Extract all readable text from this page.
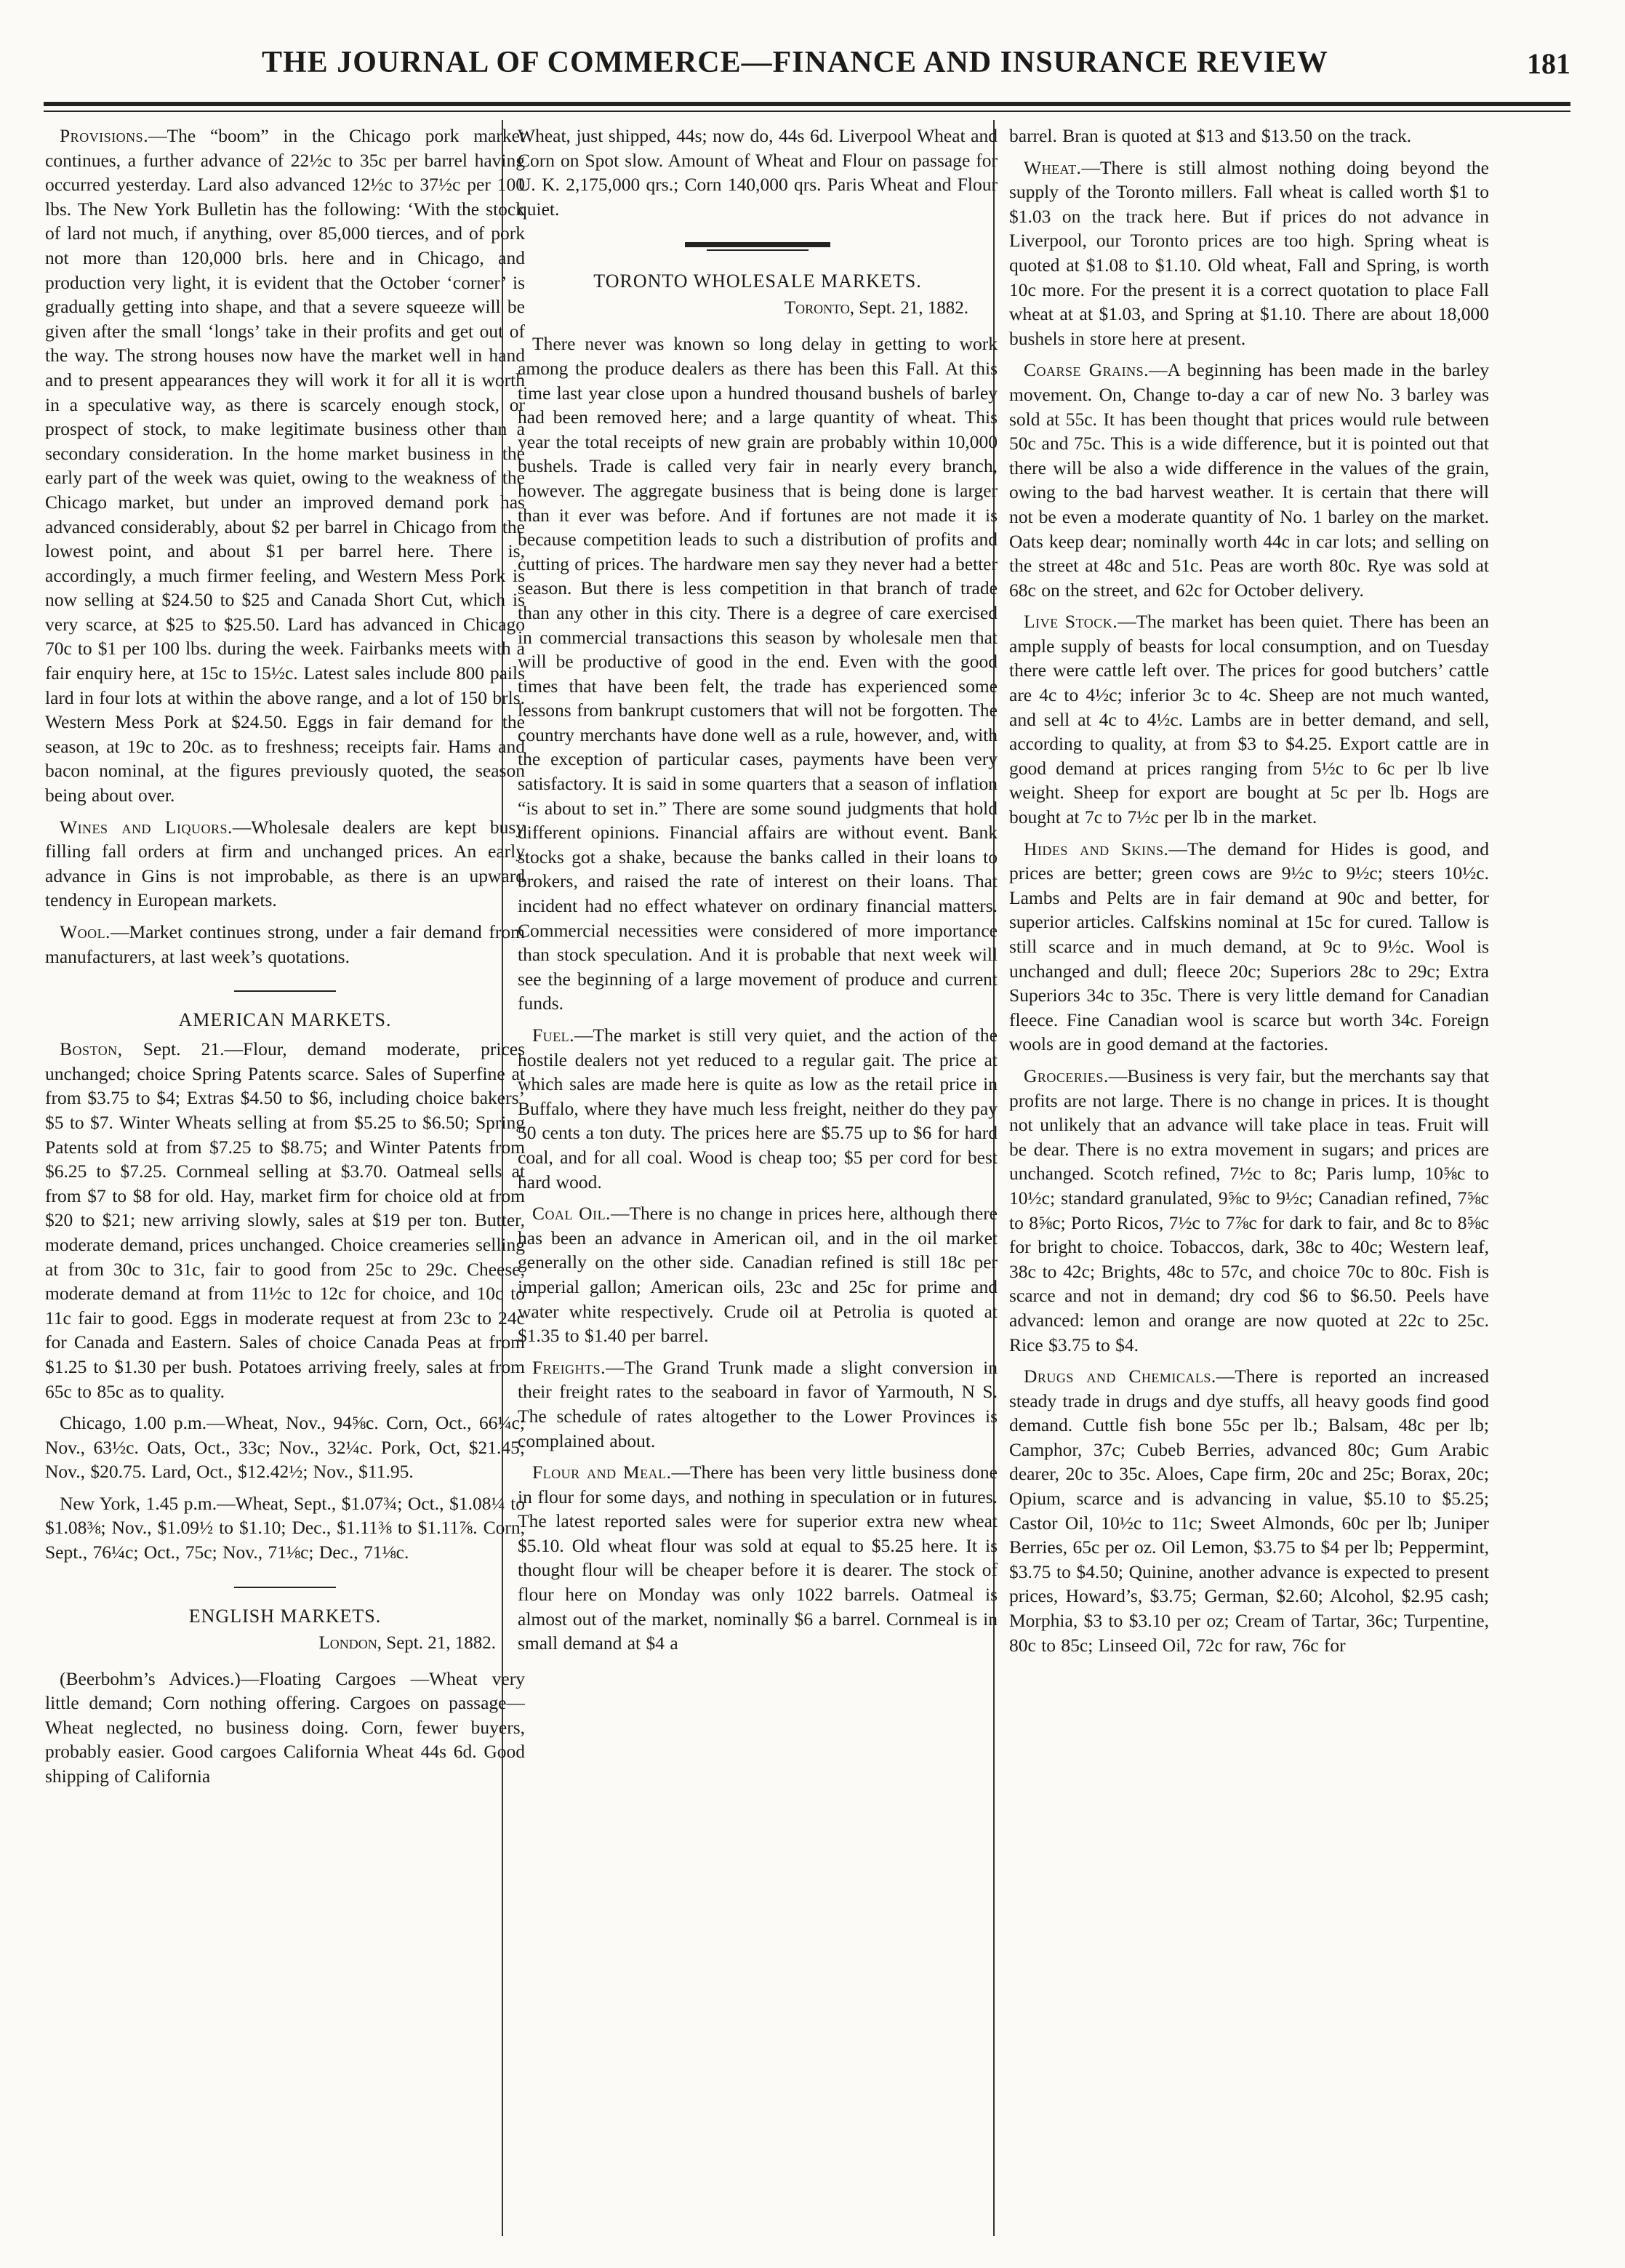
THE JOURNAL OF COMMERCE—FINANCE AND INSURANCE REVIEW	181

Provisions.—The “boom” in the Chicago pork market continues, a further advance of 22½c to 35c per barrel having occurred yesterday. Lard also advanced 12½c to 37½c per 100 lbs. The New York Bulletin has the following: ‘With the stock of lard not much, if anything, over 85,000 tierces, and of pork not more than 120,000 brls. here and in Chicago, and production very light, it is evident that the October ‘corner’ is gradually getting into shape, and that a severe squeeze will be given after the small ‘longs’ take in their profits and get out of the way. The strong houses now have the market well in hand and to present appearances they will work it for all it is worth in a speculative way, as there is scarcely enough stock, or prospect of stock, to make legitimate business other than a secondary consideration. In the home market business in the early part of the week was quiet, owing to the weakness of the Chicago market, but under an improved demand pork has advanced considerably, about $2 per barrel in Chicago from the lowest point, and about $1 per barrel here. There is, accordingly, a much firmer feeling, and Western Mess Pork is now selling at $24.50 to $25 and Canada Short Cut, which is very scarce, at $25 to $25.50. Lard has advanced in Chicago 70c to $1 per 100 lbs. during the week. Fairbanks meets with a fair enquiry here, at 15c to 15½c. Latest sales include 800 pails lard in four lots at within the above range, and a lot of 150 brls. Western Mess Pork at $24.50. Eggs in fair demand for the season, at 19c to 20c. as to freshness; receipts fair. Hams and bacon nominal, at the figures previously quoted, the season being about over.

Wines and Liquors.—Wholesale dealers are kept busy filling fall orders at firm and unchanged prices. An early advance in Gins is not improbable, as there is an upward tendency in European markets.

Wool.—Market continues strong, under a fair demand from manufacturers, at last week’s quotations.

AMERICAN MARKETS.

Boston, Sept. 21.—Flour, demand moderate, prices unchanged; choice Spring Patents scarce. Sales of Superfine at from $3.75 to $4; Extras $4.50 to $6, including choice bakers’ $5 to $7. Winter Wheats selling at from $5.25 to $6.50; Spring Patents sold at from $7.25 to $8.75; and Winter Patents from $6.25 to $7.25. Cornmeal selling at $3.70. Oatmeal sells at from $7 to $8 for old. Hay, market firm for choice old at from $20 to $21; new arriving slowly, sales at $19 per ton. Butter, moderate demand, prices unchanged. Choice creameries selling at from 30c to 31c, fair to good from 25c to 29c. Cheese, moderate demand at from 11½c to 12c for choice, and 10c to 11c fair to good. Eggs in moderate request at from 23c to 24c for Canada and Eastern. Sales of choice Canada Peas at from $1.25 to $1.30 per bush. Potatoes arriving freely, sales at from 65c to 85c as to quality.

Chicago, 1.00 p.m.—Wheat, Nov., 94⅝c. Corn, Oct., 66¼c; Nov., 63½c. Oats, Oct., 33c; Nov., 32¼c. Pork, Oct, $21.45; Nov., $20.75. Lard, Oct., $12.42½; Nov., $11.95.

New York, 1.45 p.m.—Wheat, Sept., $1.07¾; Oct., $1.08¼ to $1.08⅜; Nov., $1.09½ to $1.10; Dec., $1.11⅜ to $1.11⅞. Corn, Sept., 76¼c; Oct., 75c; Nov., 71⅛c; Dec., 71⅛c.

ENGLISH MARKETS.
London, Sept. 21, 1882.

(Beerbohm’s Advices.)—Floating Cargoes —Wheat very little demand; Corn nothing offering. Cargoes on passage—Wheat neglected, no business doing. Corn, fewer buyers, probably easier. Good cargoes California Wheat 44s 6d. Good shipping of California

Wheat, just shipped, 44s; now do, 44s 6d. Liverpool Wheat and Corn on Spot slow. Amount of Wheat and Flour on passage for U. K. 2,175,000 qrs.; Corn 140,000 qrs. Paris Wheat and Flour quiet.

TORONTO WHOLESALE MARKETS.
Toronto, Sept. 21, 1882.

There never was known so long delay in getting to work among the produce dealers as there has been this Fall. At this time last year close upon a hundred thousand bushels of barley had been removed here; and a large quantity of wheat. This year the total receipts of new grain are probably within 10,000 bushels. Trade is called very fair in nearly every branch, however. The aggregate business that is being done is larger than it ever was before. And if fortunes are not made it is because competition leads to such a distribution of profits and cutting of prices. The hardware men say they never had a better season. But there is less competition in that branch of trade than any other in this city. There is a degree of care exercised in commercial transactions this season by wholesale men that will be productive of good in the end. Even with the good times that have been felt, the trade has experienced some lessons from bankrupt customers that will not be forgotten. The country merchants have done well as a rule, however, and, with the exception of particular cases, payments have been very satisfactory. It is said in some quarters that a season of inflation “is about to set in.” There are some sound judgments that hold different opinions. Financial affairs are without event. Bank stocks got a shake, because the banks called in their loans to brokers, and raised the rate of interest on their loans. That incident had no effect whatever on ordinary financial matters. Commercial necessities were considered of more importance than stock speculation. And it is probable that next week will see the beginning of a large movement of produce and current funds.

Fuel.—The market is still very quiet, and the action of the hostile dealers not yet reduced to a regular gait. The price at which sales are made here is quite as low as the retail price in Buffalo, where they have much less freight, neither do they pay 50 cents a ton duty. The prices here are $5.75 up to $6 for hard coal, and for all coal. Wood is cheap too; $5 per cord for best hard wood.

Coal Oil.—There is no change in prices here, although there has been an advance in American oil, and in the oil market generally on the other side. Canadian refined is still 18c per imperial gallon; American oils, 23c and 25c for prime and water white respectively. Crude oil at Petrolia is quoted at $1.35 to $1.40 per barrel.

Freights.—The Grand Trunk made a slight conversion in their freight rates to the seaboard in favor of Yarmouth, N S. The schedule of rates altogether to the Lower Provinces is complained about.

Flour and Meal.—There has been very little business done in flour for some days, and nothing in speculation or in futures. The latest reported sales were for superior extra new wheat $5.10. Old wheat flour was sold at equal to $5.25 here. It is thought flour will be cheaper before it is dearer. The stock of flour here on Monday was only 1022 barrels. Oatmeal is almost out of the market, nominally $6 a barrel. Cornmeal is in small demand at $4 a

barrel. Bran is quoted at $13 and $13.50 on the track.

Wheat.—There is still almost nothing doing beyond the supply of the Toronto millers. Fall wheat is called worth $1 to $1.03 on the track here. But if prices do not advance in Liverpool, our Toronto prices are too high. Spring wheat is quoted at $1.08 to $1.10. Old wheat, Fall and Spring, is worth 10c more. For the present it is a correct quotation to place Fall wheat at at $1.03, and Spring at $1.10. There are about 18,000 bushels in store here at present.

Coarse Grains.—A beginning has been made in the barley movement. On, Change to-day a car of new No. 3 barley was sold at 55c. It has been thought that prices would rule between 50c and 75c. This is a wide difference, but it is pointed out that there will be also a wide difference in the values of the grain, owing to the bad harvest weather. It is certain that there will not be even a moderate quantity of No. 1 barley on the market. Oats keep dear; nominally worth 44c in car lots; and selling on the street at 48c and 51c. Peas are worth 80c. Rye was sold at 68c on the street, and 62c for October delivery.

Live Stock.—The market has been quiet. There has been an ample supply of beasts for local consumption, and on Tuesday there were cattle left over. The prices for good butchers’ cattle are 4c to 4½c; inferior 3c to 4c. Sheep are not much wanted, and sell at 4c to 4½c. Lambs are in better demand, and sell, according to quality, at from $3 to $4.25. Export cattle are in good demand at prices ranging from 5½c to 6c per lb live weight. Sheep for export are bought at 5c per lb. Hogs are bought at 7c to 7½c per lb in the market.

Hides and Skins.—The demand for Hides is good, and prices are better; green cows are 9½c to 9½c; steers 10½c. Lambs and Pelts are in fair demand at 90c and better, for superior articles. Calfskins nominal at 15c for cured. Tallow is still scarce and in much demand, at 9c to 9½c. Wool is unchanged and dull; fleece 20c; Superiors 28c to 29c; Extra Superiors 34c to 35c. There is very little demand for Canadian fleece. Fine Canadian wool is scarce but worth 34c. Foreign wools are in good demand at the factories.

Groceries.—Business is very fair, but the merchants say that profits are not large. There is no change in prices. It is thought not unlikely that an advance will take place in teas. Fruit will be dear. There is no extra movement in sugars; and prices are unchanged. Scotch refined, 7½c to 8c; Paris lump, 10⅝c to 10½c; standard granulated, 9⅝c to 9½c; Canadian refined, 7⅝c to 8⅝c; Porto Ricos, 7½c to 7⅞c for dark to fair, and 8c to 8⅝c for bright to choice. Tobaccos, dark, 38c to 40c; Western leaf, 38c to 42c; Brights, 48c to 57c, and choice 70c to 80c. Fish is scarce and not in demand; dry cod $6 to $6.50. Peels have advanced: lemon and orange are now quoted at 22c to 25c. Rice $3.75 to $4.

Drugs and Chemicals.—There is reported an increased steady trade in drugs and dye stuffs, all heavy goods find good demand. Cuttle fish bone 55c per lb.; Balsam, 48c per lb; Camphor, 37c; Cubeb Berries, advanced 80c; Gum Arabic dearer, 20c to 35c. Aloes, Cape firm, 20c and 25c; Borax, 20c; Opium, scarce and is advancing in value, $5.10 to $5.25; Castor Oil, 10½c to 11c; Sweet Almonds, 60c per lb; Juniper Berries, 65c per oz. Oil Lemon, $3.75 to $4 per lb; Peppermint, $3.75 to $4.50; Quinine, another advance is expected to present prices, Howard’s, $3.75; German, $2.60; Alcohol, $2.95 cash; Morphia, $3 to $3.10 per oz; Cream of Tartar, 36c; Turpentine, 80c to 85c; Linseed Oil, 72c for raw, 76c for
